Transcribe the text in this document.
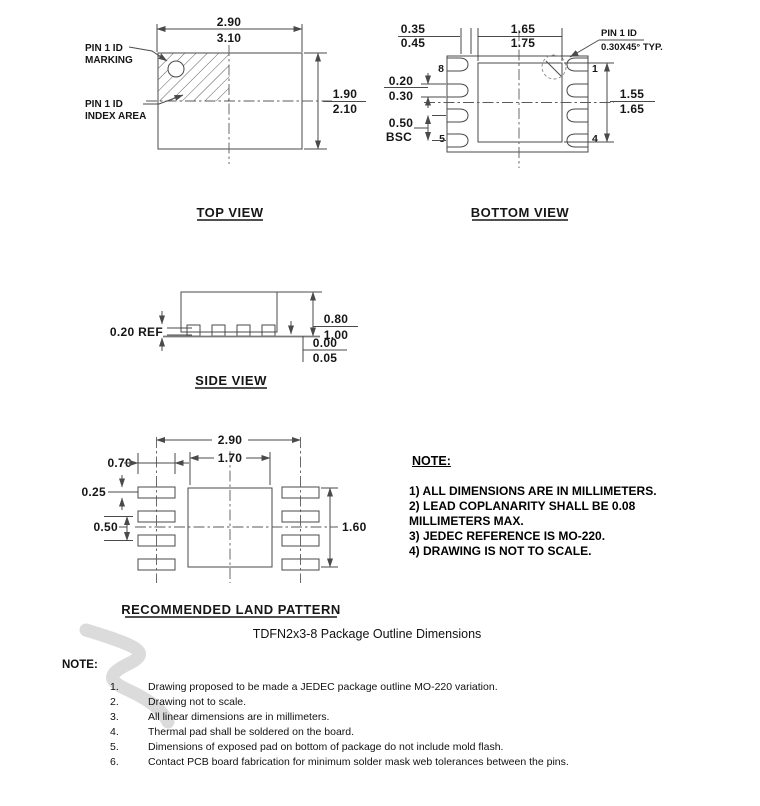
2.90
3.10
1.90
2.10
PIN 1 ID
MARKING
PIN 1 ID
INDEX AREA
TOP VIEW
8	1
5	4
0.35
0.45
1.65
1.75
0.20
0.30
0.50
BSC
1.55
1.65
PIN 1 ID
0.30X45° TYP.
BOTTOM VIEW
0.80
1.00
0.00
0.05
0.20 REF
SIDE VIEW
2.90
1.70
0.70
0.25
0.50	1.60
RECOMMENDED LAND PATTERN
NOTE:
1) ALL DIMENSIONS ARE IN MILLIMETERS.
2) LEAD COPLANARITY SHALL BE 0.08
MILLIMETERS MAX.
3) JEDEC REFERENCE IS MO-220.
4) DRAWING IS NOT TO SCALE.
TDFN2x3-8 Package Outline Dimensions
NOTE:
1.	Drawing proposed to be made a JEDEC package outline MO-220 variation.
2.	Drawing not to scale.
3.	All linear dimensions are in millimeters.
4.	Thermal pad shall be soldered on the board.
5.	Dimensions of exposed pad on bottom of package do not include mold flash.
6.	Contact PCB board fabrication for minimum solder mask web tolerances between the pins.
